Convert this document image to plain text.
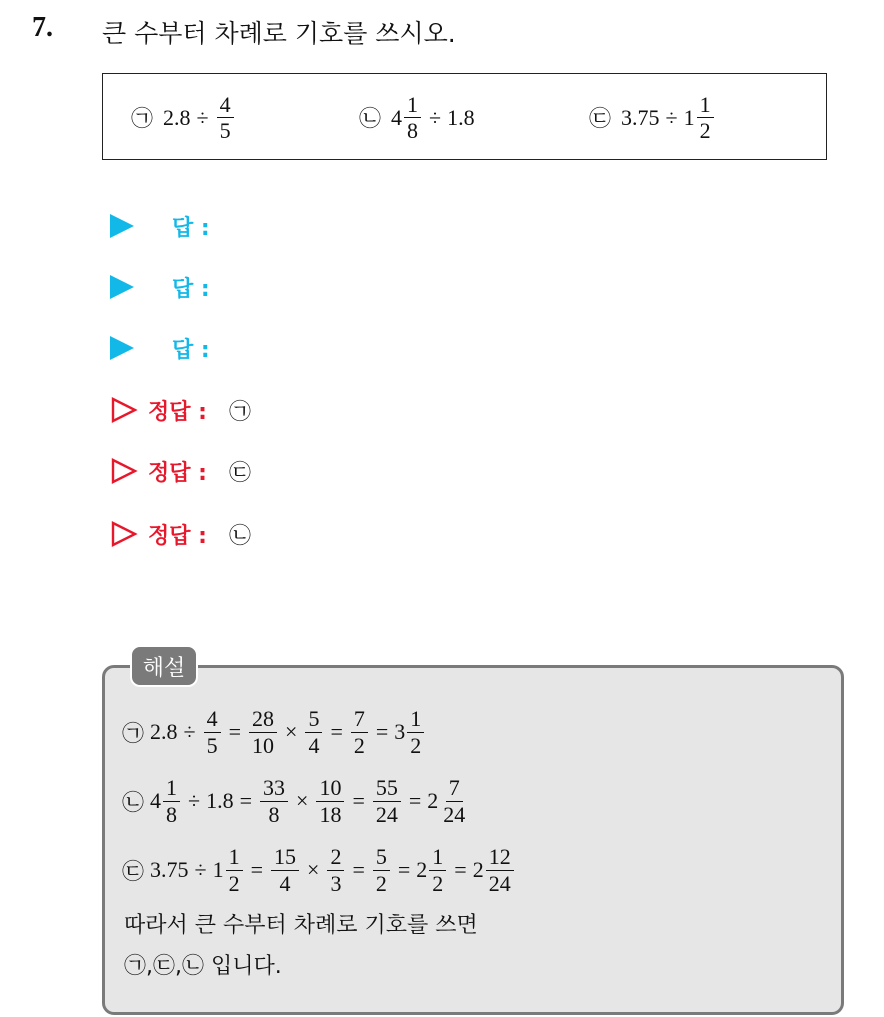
7. 큰 수부터 차례로 기호를 쓰시오.
㉠ $2.8 \div \frac{4}{5}$	㉡ $4 \frac{1}{8} \div 1.8$	㉢ $3.75 \div 1 \frac{1}{2}$
답 :
답 :
답 :
정답 : ㉠
정답 : ㉢
정답 : ㉡
해설
㉠ $2.8 \div \frac{4}{5} = \frac{28}{10} \times \frac{5}{4} = \frac{7}{2} = 3 \frac{1}{2}$
㉡ $4 \frac{1}{8} \div 1.8 = \frac{33}{8} \times \frac{10}{18} = \frac{55}{24} = 2 \frac{7}{24}$
㉢ $3.75 \div 1 \frac{1}{2} = \frac{15}{4} \times \frac{2}{3} = \frac{5}{2} = 2 \frac{1}{2} = 2 \frac{12}{24}$
따라서 큰 수부터 차례로 기호를 쓰면
㉠,㉢,㉡ 입니다.
